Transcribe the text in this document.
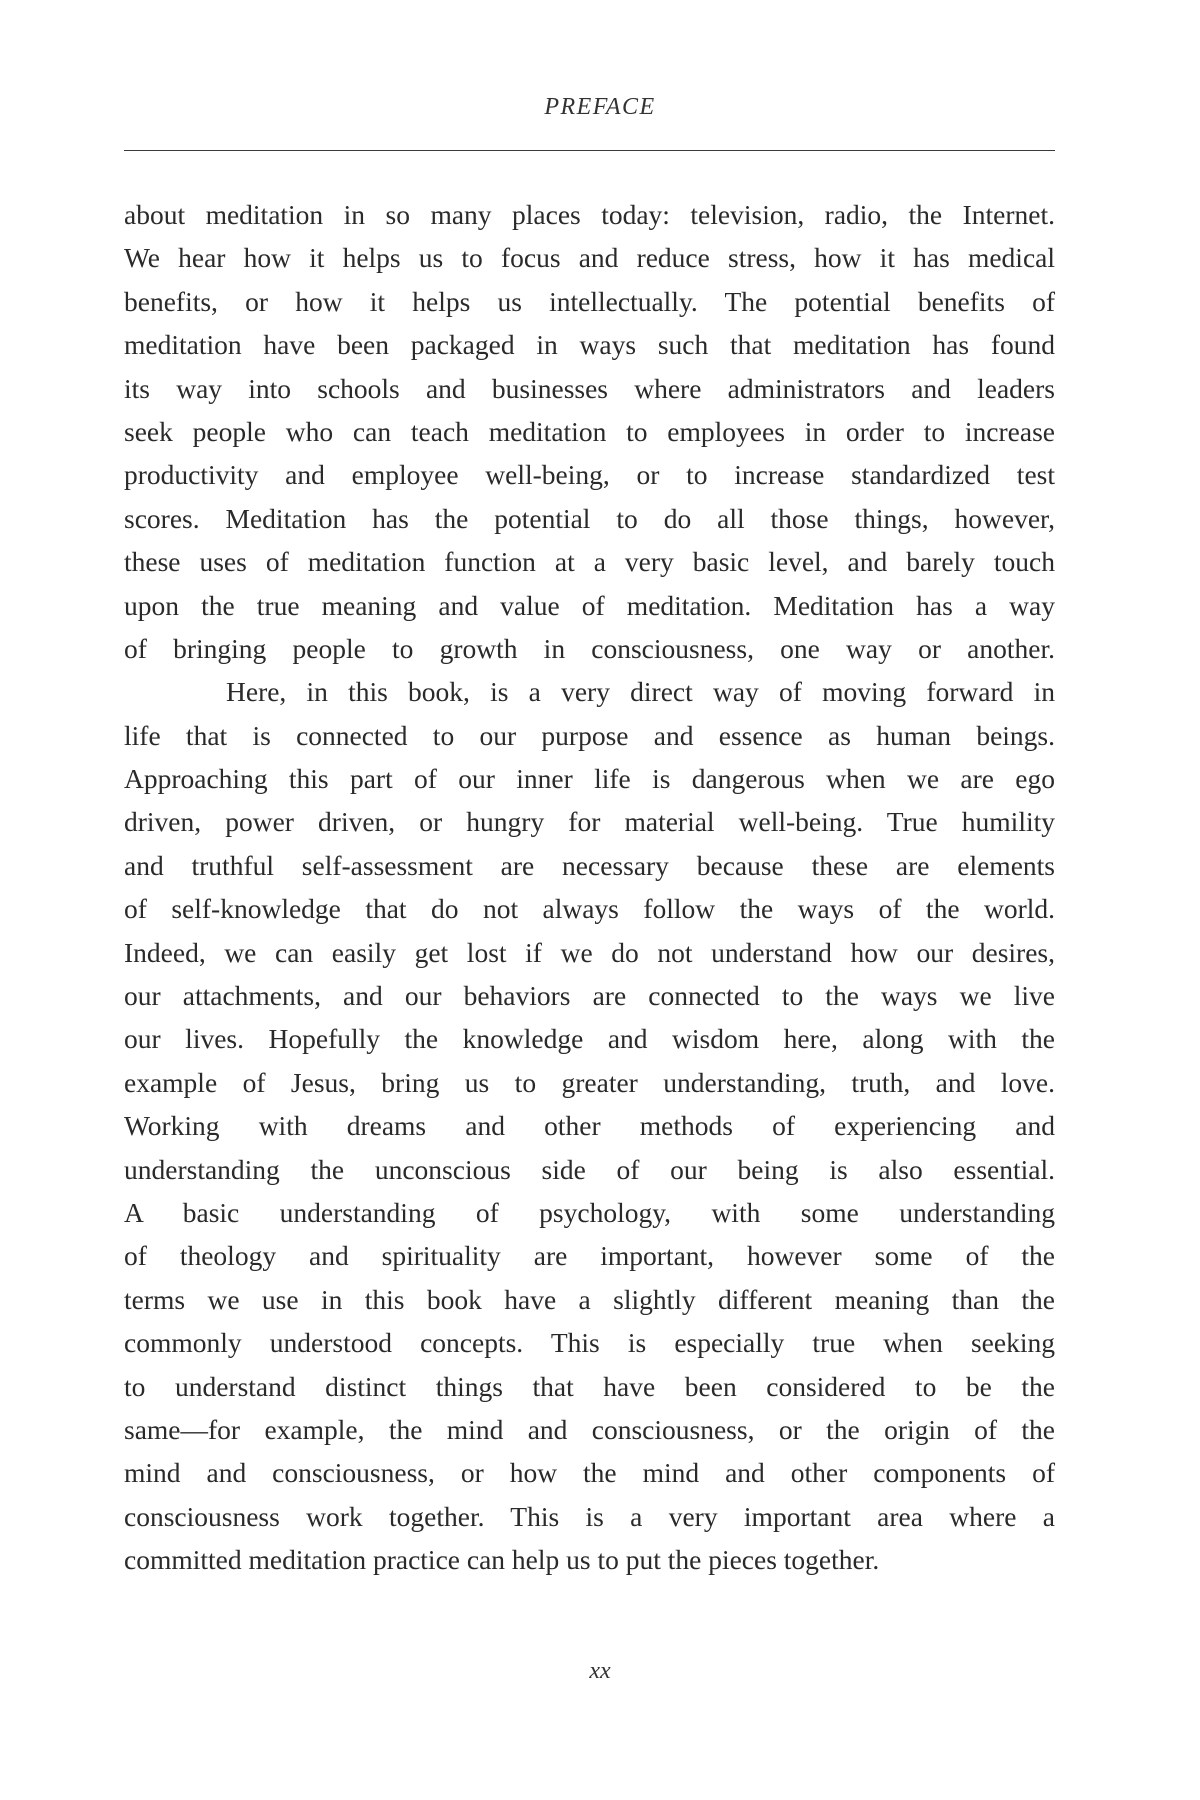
PREFACE
about meditation in so many places today: television, radio, the Internet.
We hear how it helps us to focus and reduce stress, how it has medical
benefits, or how it helps us intellectually. The potential benefits of
meditation have been packaged in ways such that meditation has found
its way into schools and businesses where administrators and leaders
seek people who can teach meditation to employees in order to increase
productivity and employee well-being, or to increase standardized test
scores. Meditation has the potential to do all those things, however,
these uses of meditation function at a very basic level, and barely touch
upon the true meaning and value of meditation. Meditation has a way
of bringing people to growth in consciousness, one way or another.
Here, in this book, is a very direct way of moving forward in
life that is connected to our purpose and essence as human beings.
Approaching this part of our inner life is dangerous when we are ego
driven, power driven, or hungry for material well-being. True humility
and truthful self-assessment are necessary because these are elements
of self-knowledge that do not always follow the ways of the world.
Indeed, we can easily get lost if we do not understand how our desires,
our attachments, and our behaviors are connected to the ways we live
our lives. Hopefully the knowledge and wisdom here, along with the
example of Jesus, bring us to greater understanding, truth, and love.
Working with dreams and other methods of experiencing and
understanding the unconscious side of our being is also essential.
A basic understanding of psychology, with some understanding
of theology and spirituality are important, however some of the
terms we use in this book have a slightly different meaning than the
commonly understood concepts. This is especially true when seeking
to understand distinct things that have been considered to be the
same—for example, the mind and consciousness, or the origin of the
mind and consciousness, or how the mind and other components of
consciousness work together. This is a very important area where a
committed meditation practice can help us to put the pieces together.
xx
